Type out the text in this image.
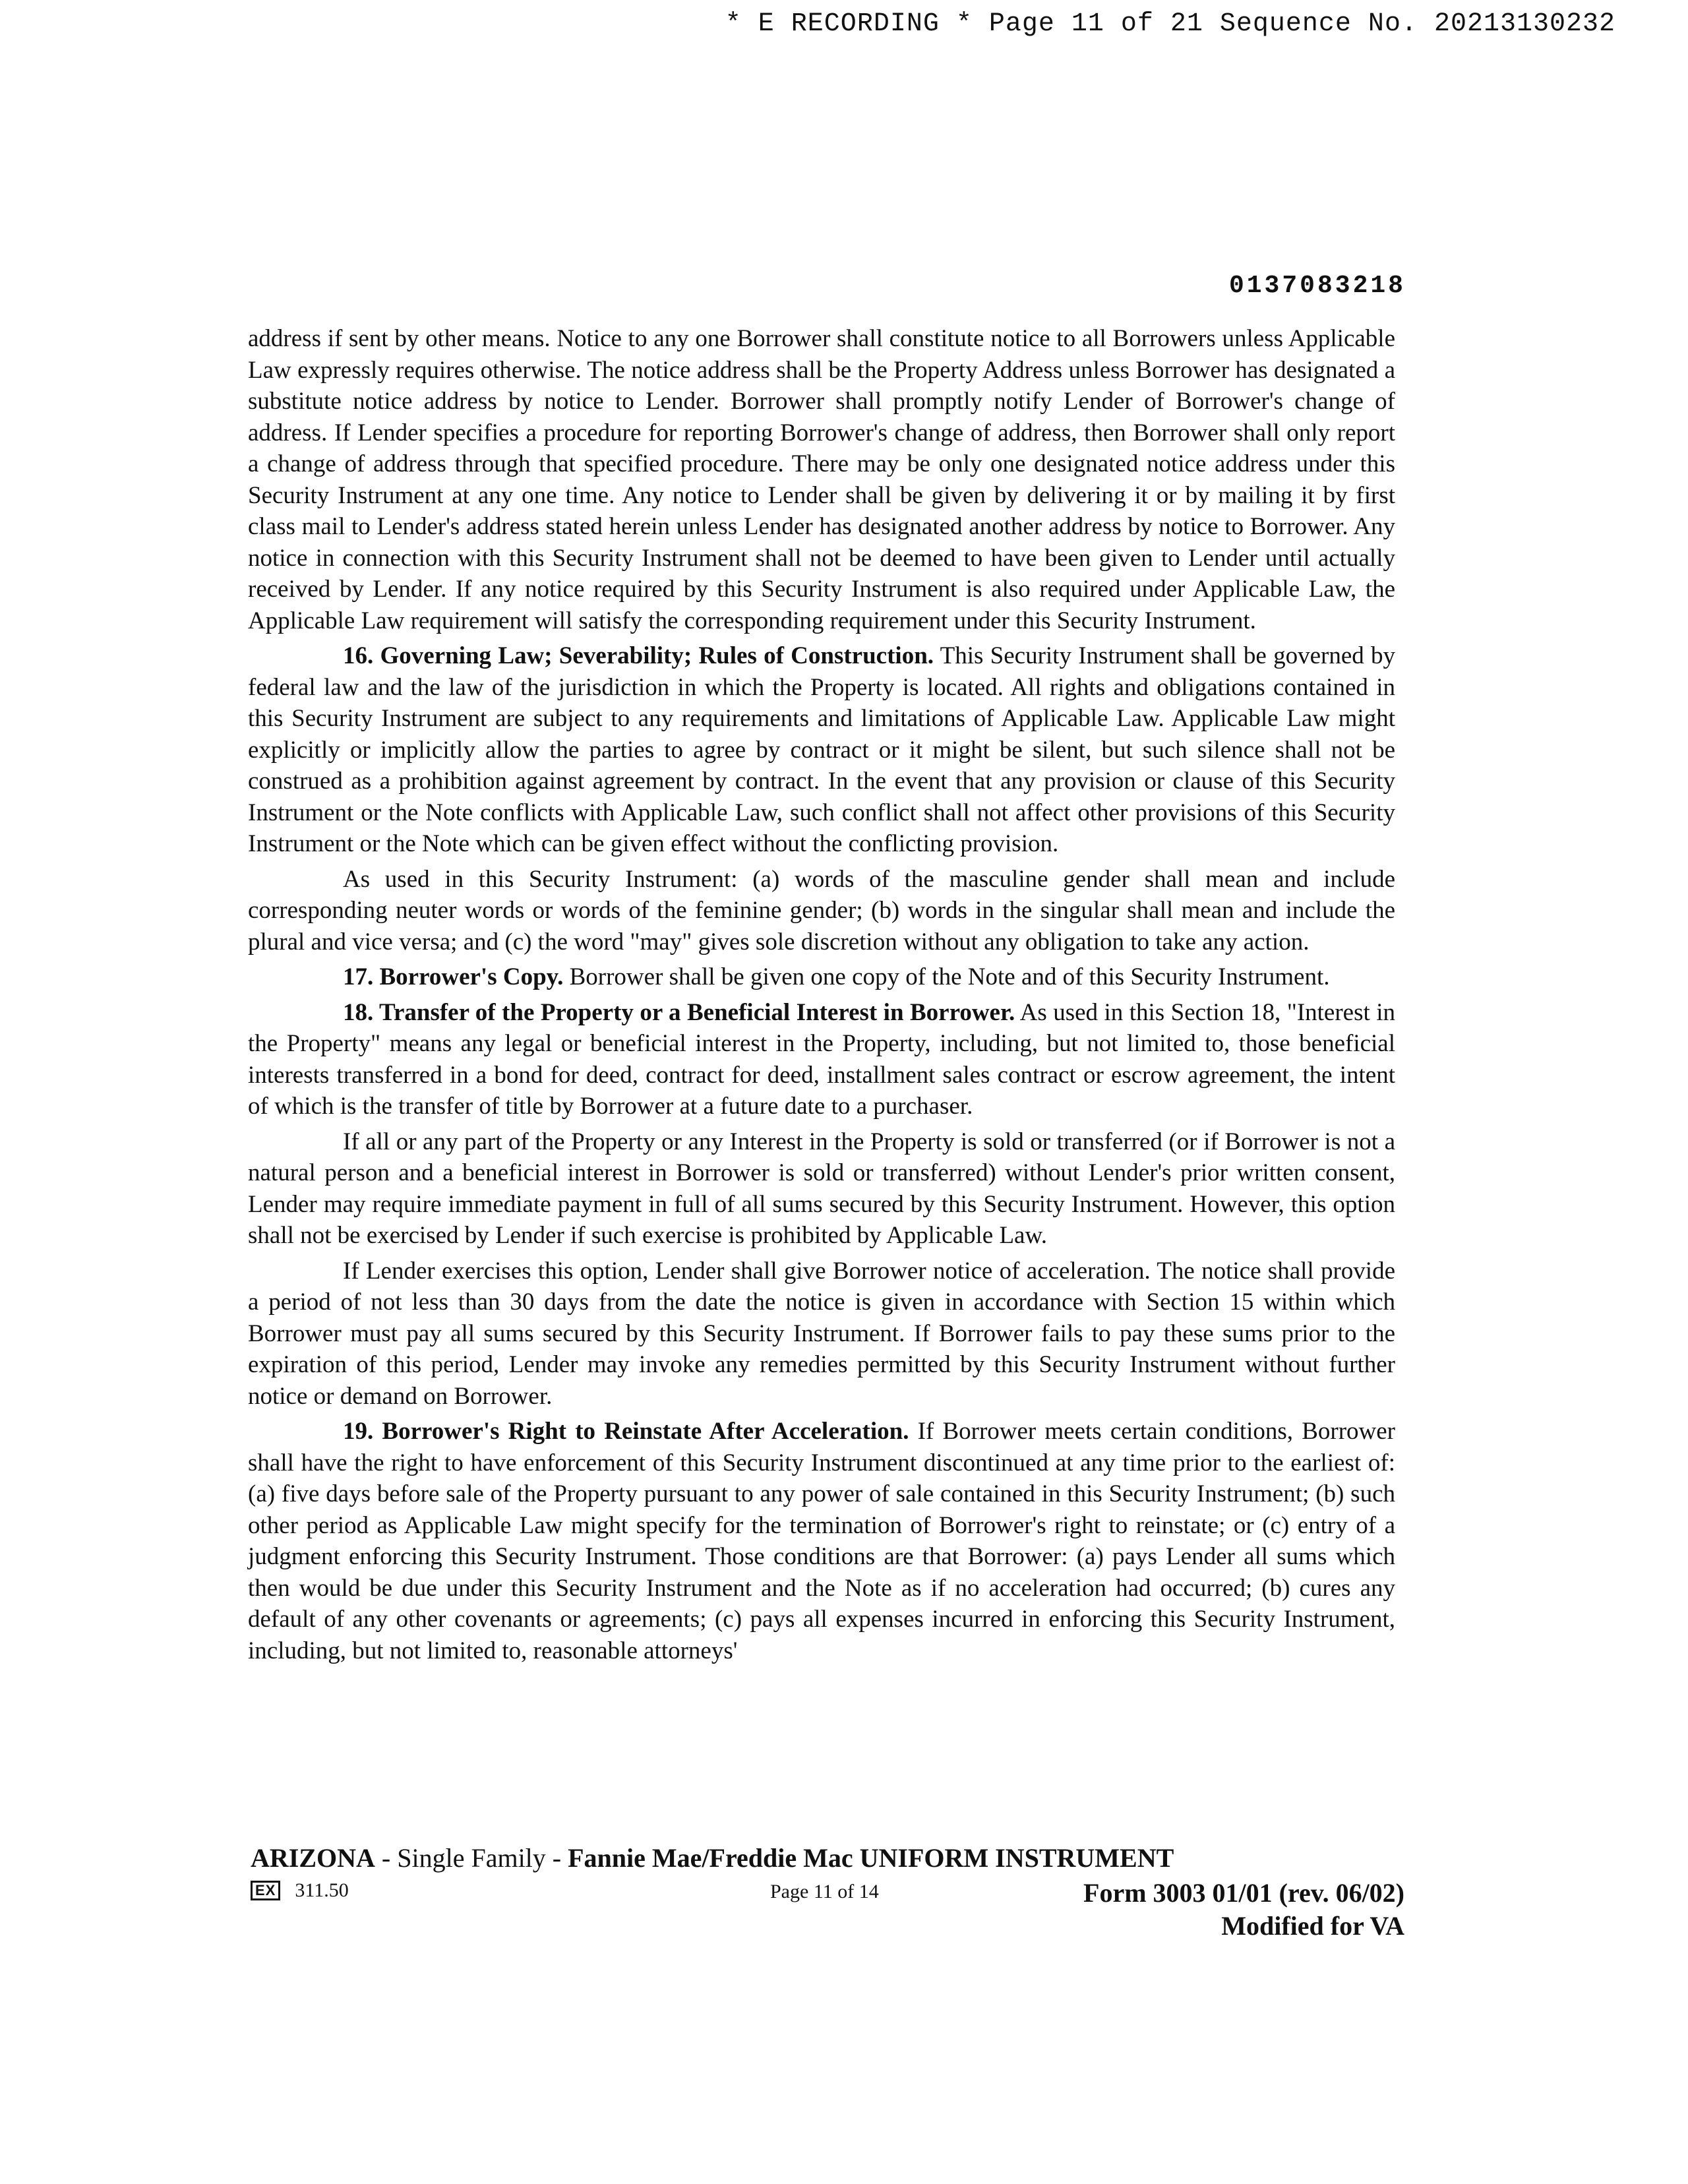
* E RECORDING * Page 11 of 21 Sequence No. 20213130232
0137083218

address if sent by other means. Notice to any one Borrower shall constitute notice to all Borrowers unless Applicable Law expressly requires otherwise. The notice address shall be the Property Address unless Borrower has designated a substitute notice address by notice to Lender. Borrower shall promptly notify Lender of Borrower's change of address. If Lender specifies a procedure for reporting Borrower's change of address, then Borrower shall only report a change of address through that specified procedure. There may be only one designated notice address under this Security Instrument at any one time. Any notice to Lender shall be given by delivering it or by mailing it by first class mail to Lender's address stated herein unless Lender has designated another address by notice to Borrower. Any notice in connection with this Security Instrument shall not be deemed to have been given to Lender until actually received by Lender. If any notice required by this Security Instrument is also required under Applicable Law, the Applicable Law requirement will satisfy the corresponding requirement under this Security Instrument.

16. Governing Law; Severability; Rules of Construction. This Security Instrument shall be governed by federal law and the law of the jurisdiction in which the Property is located. All rights and obligations contained in this Security Instrument are subject to any requirements and limitations of Applicable Law. Applicable Law might explicitly or implicitly allow the parties to agree by contract or it might be silent, but such silence shall not be construed as a prohibition against agreement by contract. In the event that any provision or clause of this Security Instrument or the Note conflicts with Applicable Law, such conflict shall not affect other provisions of this Security Instrument or the Note which can be given effect without the conflicting provision.

As used in this Security Instrument: (a) words of the masculine gender shall mean and include corresponding neuter words or words of the feminine gender; (b) words in the singular shall mean and include the plural and vice versa; and (c) the word "may" gives sole discretion without any obligation to take any action.

17. Borrower's Copy. Borrower shall be given one copy of the Note and of this Security Instrument.

18. Transfer of the Property or a Beneficial Interest in Borrower. As used in this Section 18, "Interest in the Property" means any legal or beneficial interest in the Property, including, but not limited to, those beneficial interests transferred in a bond for deed, contract for deed, installment sales contract or escrow agreement, the intent of which is the transfer of title by Borrower at a future date to a purchaser.

If all or any part of the Property or any Interest in the Property is sold or transferred (or if Borrower is not a natural person and a beneficial interest in Borrower is sold or transferred) without Lender's prior written consent, Lender may require immediate payment in full of all sums secured by this Security Instrument. However, this option shall not be exercised by Lender if such exercise is prohibited by Applicable Law.

If Lender exercises this option, Lender shall give Borrower notice of acceleration. The notice shall provide a period of not less than 30 days from the date the notice is given in accordance with Section 15 within which Borrower must pay all sums secured by this Security Instrument. If Borrower fails to pay these sums prior to the expiration of this period, Lender may invoke any remedies permitted by this Security Instrument without further notice or demand on Borrower.

19. Borrower's Right to Reinstate After Acceleration. If Borrower meets certain conditions, Borrower shall have the right to have enforcement of this Security Instrument discontinued at any time prior to the earliest of: (a) five days before sale of the Property pursuant to any power of sale contained in this Security Instrument; (b) such other period as Applicable Law might specify for the termination of Borrower's right to reinstate; or (c) entry of a judgment enforcing this Security Instrument. Those conditions are that Borrower: (a) pays Lender all sums which then would be due under this Security Instrument and the Note as if no acceleration had occurred; (b) cures any default of any other covenants or agreements; (c) pays all expenses incurred in enforcing this Security Instrument, including, but not limited to, reasonable attorneys'

ARIZONA - Single Family - Fannie Mae/Freddie Mac UNIFORM INSTRUMENT
EX 311.50	Page 11 of 14	Form 3003 01/01 (rev. 06/02)
Modified for VA
